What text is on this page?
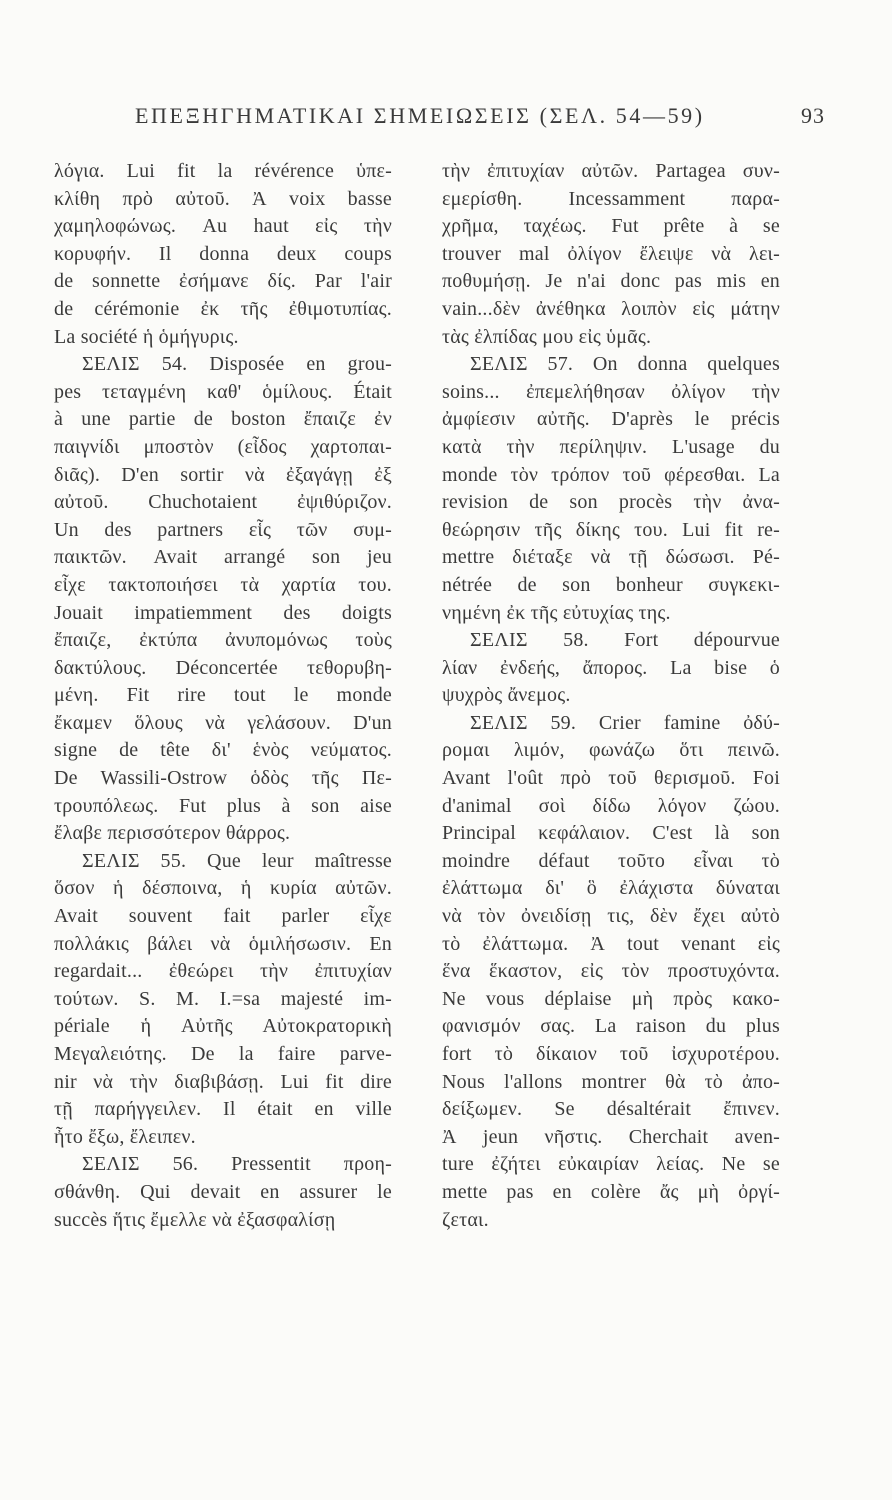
ΕΠΕΞΗΓΗΜΑΤΙΚΑΙ ΣΗΜΕΙΩΣΕΙΣ (ΣΕΛ. 54—59)	93
λόγια. Lui fit la révérence ὑπε-
κλίθη πρὸ αὐτοῦ. Ἀ voix basse
χαμηλοφώνως. Au haut εἰς τὴν
κορυφήν. Il donna deux coups
de sonnette ἐσήμανε δίς. Par l'air
de cérémonie ἐκ τῆς ἐθιμοτυπίας.
La société ἡ ὁμήγυρις.
ΣΕΛΙΣ 54. Disposée en grou-
pes τεταγμένη καθ' ὁμίλους. Était
à une partie de boston ἔπαιζε ἐν
παιγνίδι μποστὸν (εἶδος χαρτοπαι-
διᾶς). D'en sortir νὰ ἐξαγάγῃ ἐξ
αὐτοῦ. Chuchotaient ἐψιθύριζον.
Un des partners εἷς τῶν συμ-
παικτῶν. Avait arrangé son jeu
εἶχε τακτοποιήσει τὰ χαρτία του.
Jouait impatiemment des doigts
ἔπαιζε, ἐκτύπα ἀνυπομόνως τοὺς
δακτύλους. Déconcertée τεθορυβη-
μένη. Fit rire tout le monde
ἔκαμεν ὅλους νὰ γελάσουν. D'un
signe de tête δι' ἑνὸς νεύματος.
De Wassili-Ostrow ὁδὸς τῆς Πε-
τρουπόλεως. Fut plus à son aise
ἔλαβε περισσότερον θάρρος.
ΣΕΛΙΣ 55. Que leur maîtresse
ὅσον ἡ δέσποινα, ἡ κυρία αὐτῶν.
Avait souvent fait parler εἶχε
πολλάκις βάλει νὰ ὁμιλήσωσιν. En
regardait... ἐθεώρει τὴν ἐπιτυχίαν
τούτων. S. M. I.=sa majesté im-
périale ἡ Αὐτῆς Αὐτοκρατορικὴ
Μεγαλειότης. De la faire parve-
nir νὰ τὴν διαβιβάσῃ. Lui fit dire
τῇ παρήγγειλεν. Il était en ville
ἦτο ἔξω, ἔλειπεν.
ΣΕΛΙΣ 56. Pressentit προη-
σθάνθη. Qui devait en assurer le
succès ἥτις ἔμελλε νὰ ἐξασφαλίσῃ
τὴν ἐπιτυχίαν αὐτῶν. Partagea συν-
εμερίσθη. Incessamment παρα-
χρῆμα, ταχέως. Fut prête à se
trouver mal ὀλίγον ἔλειψε νὰ λει-
ποθυμήσῃ. Je n'ai donc pas mis en
vain...δὲν ἀνέθηκα λοιπὸν εἰς μάτην
τὰς ἐλπίδας μου εἰς ὑμᾶς.
ΣΕΛΙΣ 57. On donna quelques
soins... ἐπεμελήθησαν ὀλίγον τὴν
ἀμφίεσιν αὐτῆς. D'après le précis
κατὰ τὴν περίληψιν. L'usage du
monde τὸν τρόπον τοῦ φέρεσθαι. La
revision de son procès τὴν ἀνα-
θεώρησιν τῆς δίκης του. Lui fit re-
mettre διέταξε νὰ τῇ δώσωσι. Pé-
nétrée de son bonheur συγκεκι-
νημένη ἐκ τῆς εὐτυχίας της.
ΣΕΛΙΣ 58. Fort dépourvue
λίαν ἐνδεής, ἄπορος. La bise ὁ
ψυχρὸς ἄνεμος.
ΣΕΛΙΣ 59. Crier famine ὀδύ-
ρομαι λιμόν, φωνάζω ὅτι πεινῶ.
Avant l'oût πρὸ τοῦ θερισμοῦ. Foi
d'animal σοὶ δίδω λόγον ζώου.
Principal κεφάλαιον. C'est là son
moindre défaut τοῦτο εἶναι τὸ
ἐλάττωμα δι' ὃ ἐλάχιστα δύναται
νὰ τὸν ὀνειδίσῃ τις, δὲν ἔχει αὐτὸ
τὸ ἐλάττωμα. Ἀ tout venant εἰς
ἕνα ἕκαστον, εἰς τὸν προστυχόντα.
Ne vous déplaise μὴ πρὸς κακο-
φανισμόν σας. La raison du plus
fort τὸ δίκαιον τοῦ ἰσχυροτέρου.
Nous l'allons montrer θὰ τὸ ἀπο-
δείξωμεν. Se désaltérait ἔπινεν.
Ἀ jeun νῆστις. Cherchait aven-
ture ἐζήτει εὐκαιρίαν λείας. Ne se
mette pas en colère ἄς μὴ ὀργί-
ζεται.
